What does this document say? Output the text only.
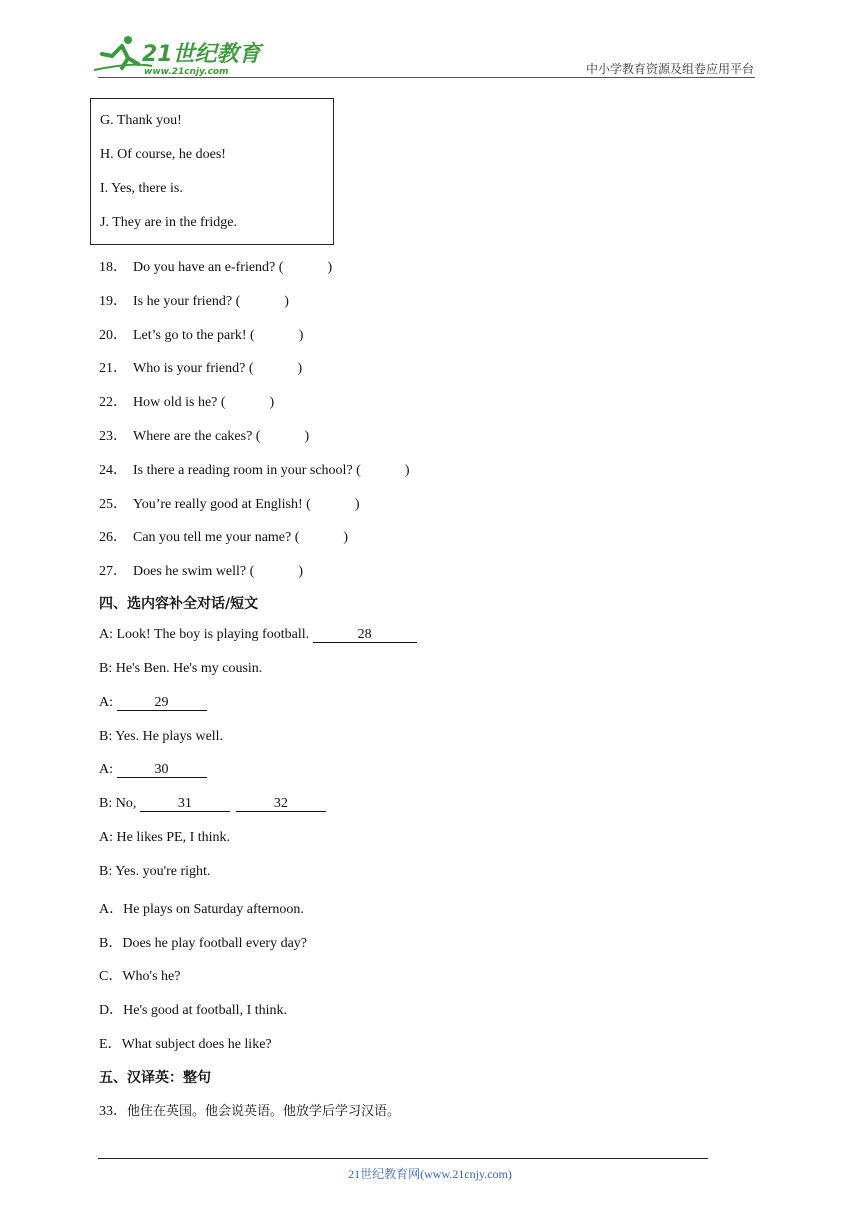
21世纪教育
www.21cnjy.com	中小学教育资源及组卷应用平台
G. Thank you!
H. Of course, he does!
I. Yes, there is.
J. They are in the fridge.
18． Do you have an e-friend? (	)
19． Is he your friend? (	)
20． Let’s go to the park! (	)
21． Who is your friend? (	)
22． How old is he? (	)
23． Where are the cakes? (	)
24． Is there a reading room in your school? (	)
25． You’re really good at English! (	)
26． Can you tell me your name? (	)
27． Does he swim well? (	)
四、选内容补全对话/短文
A: Look! The boy is playing football.	28
B: He's Ben. He's my cousin.
A:	29
B: Yes. He plays well.
A:	30
B: No,	31	32
A: He likes PE, I think.
B: Yes. you're right.
A．He plays on Saturday afternoon.
B．Does he play football every day?
C．Who's he?
D．He's good at football, I think.
E．What subject does he like?
五、汉译英：整句
33．他住在英国。他会说英语。他放学后学习汉语。
21世纪教育网(www.21cnjy.com)
